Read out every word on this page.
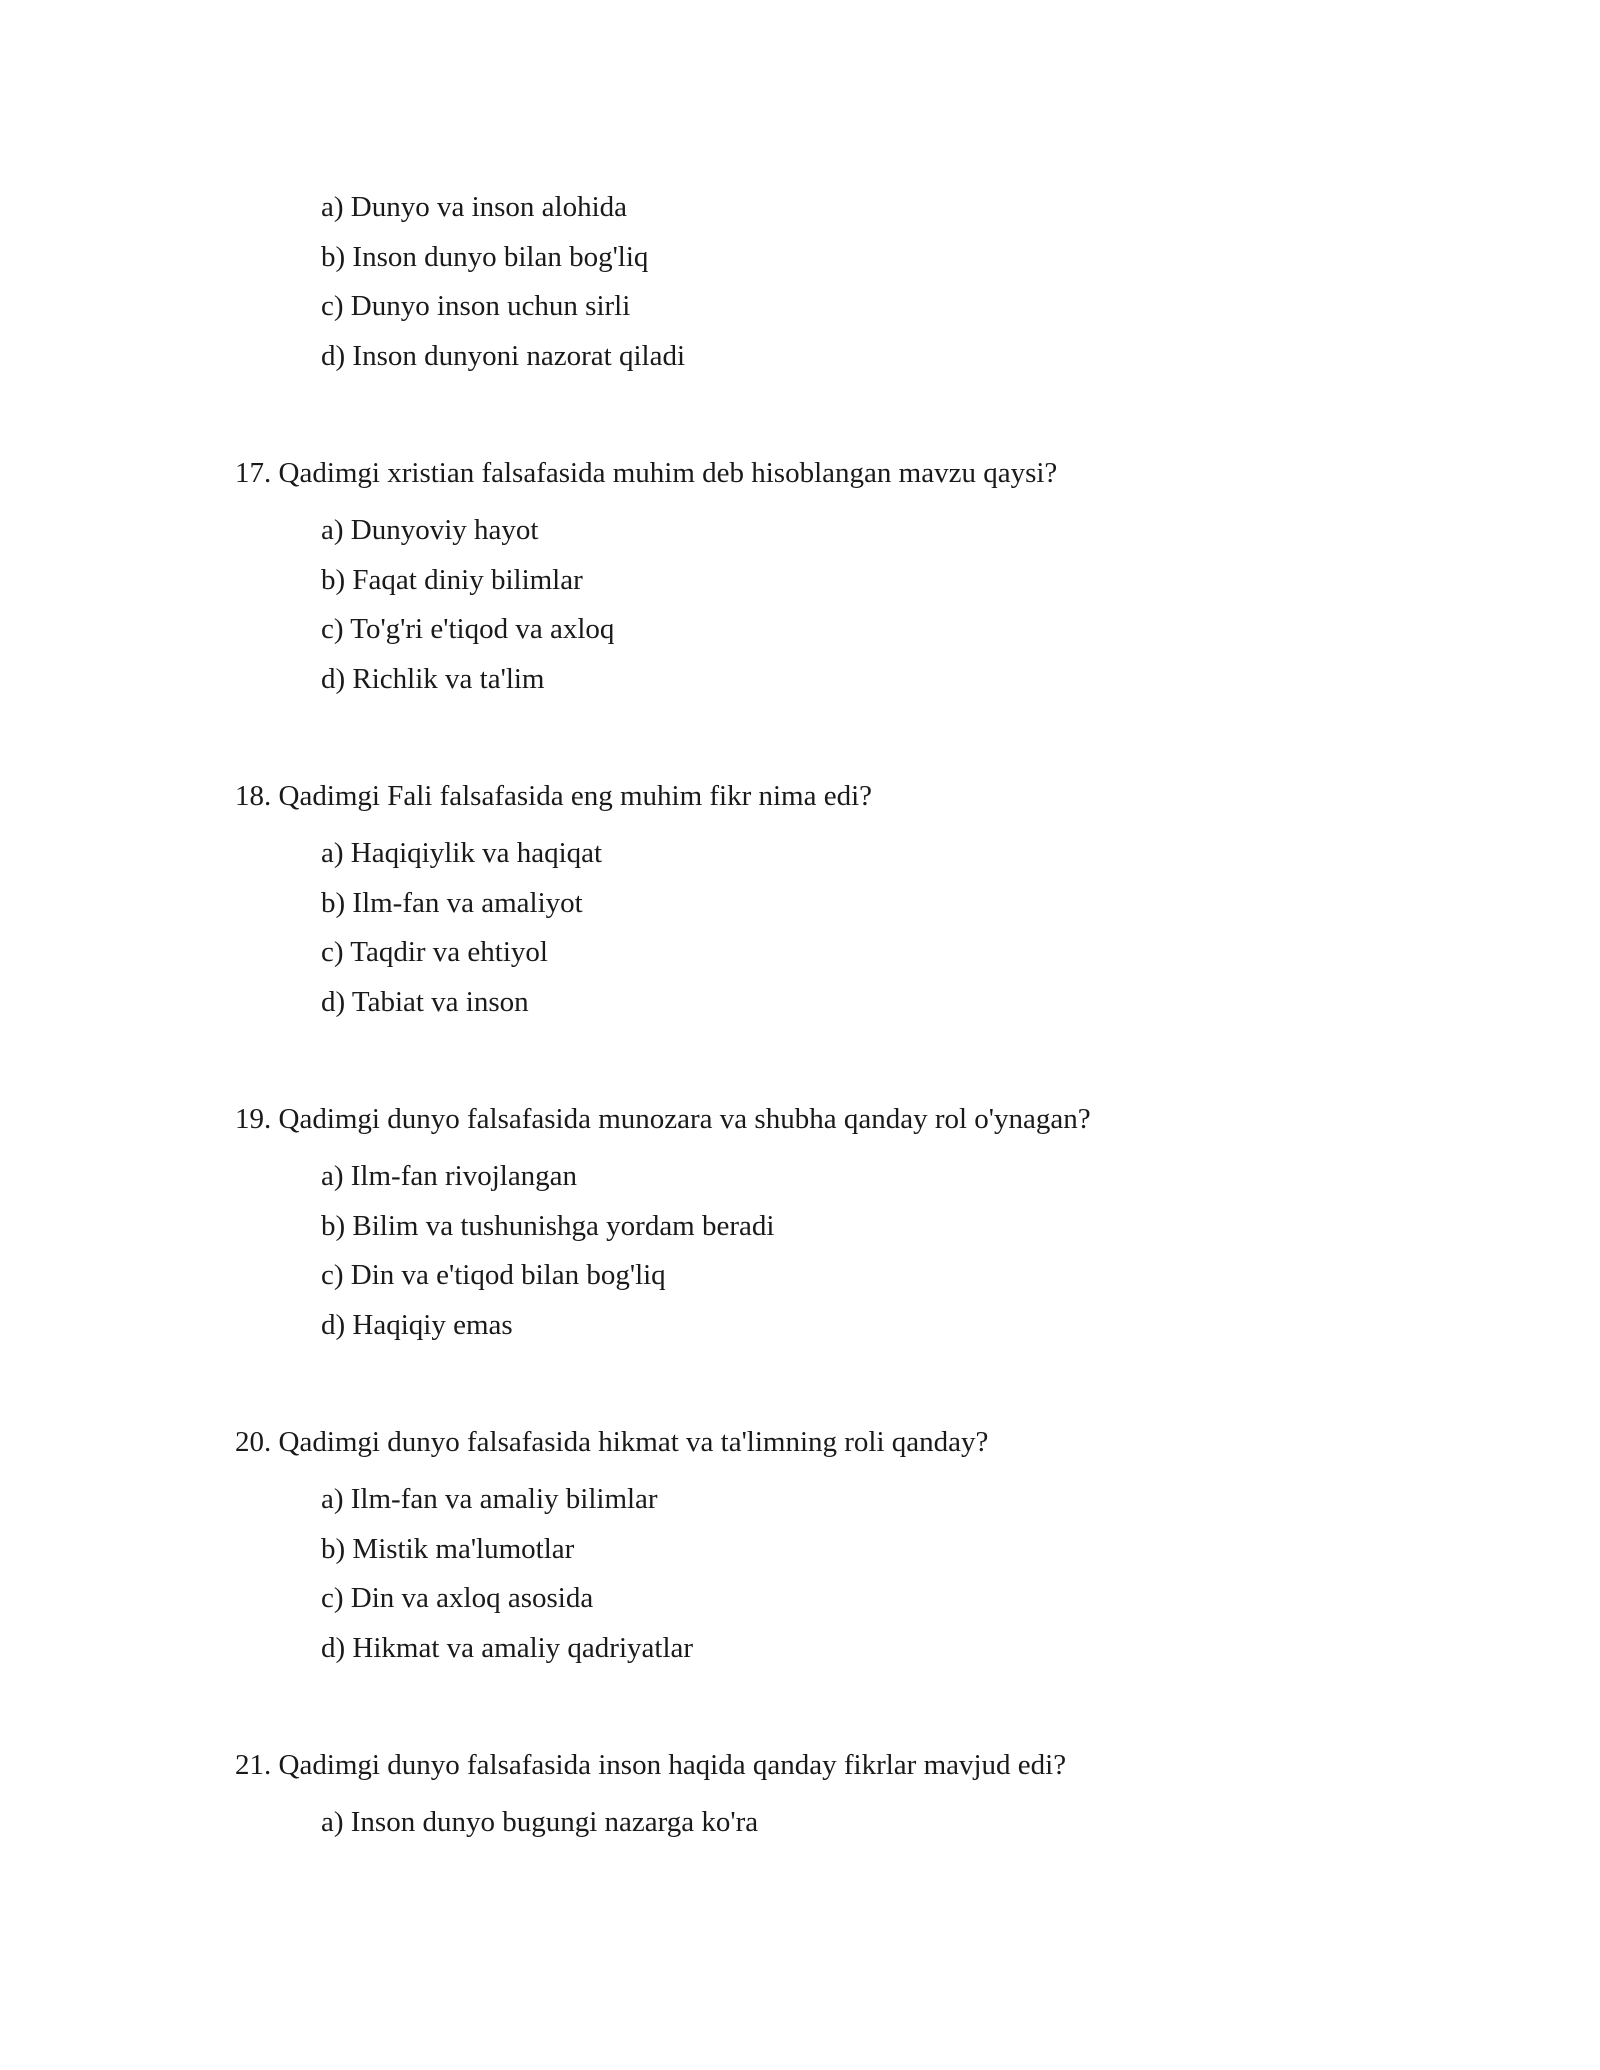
a) Dunyo va inson alohida
b) Inson dunyo bilan bog'liq
c) Dunyo inson uchun sirli
d) Inson dunyoni nazorat qiladi
17. Qadimgi xristian falsafasida muhim deb hisoblangan mavzu qaysi?
a) Dunyoviy hayot
b) Faqat diniy bilimlar
c) To'g'ri e'tiqod va axloq
d) Richlik va ta'lim
18. Qadimgi Fali falsafasida eng muhim fikr nima edi?
a) Haqiqiylik va haqiqat
b) Ilm-fan va amaliyot
c) Taqdir va ehtiyol
d) Tabiat va inson
19. Qadimgi dunyo falsafasida munozara va shubha qanday rol o'ynagan?
a) Ilm-fan rivojlangan
b) Bilim va tushunishga yordam beradi
c) Din va e'tiqod bilan bog'liq
d) Haqiqiy emas
20. Qadimgi dunyo falsafasida hikmat va ta'limning roli qanday?
a) Ilm-fan va amaliy bilimlar
b) Mistik ma'lumotlar
c) Din va axloq asosida
d) Hikmat va amaliy qadriyatlar
21. Qadimgi dunyo falsafasida inson haqida qanday fikrlar mavjud edi?
a) Inson dunyo bugungi nazarga ko'ra
